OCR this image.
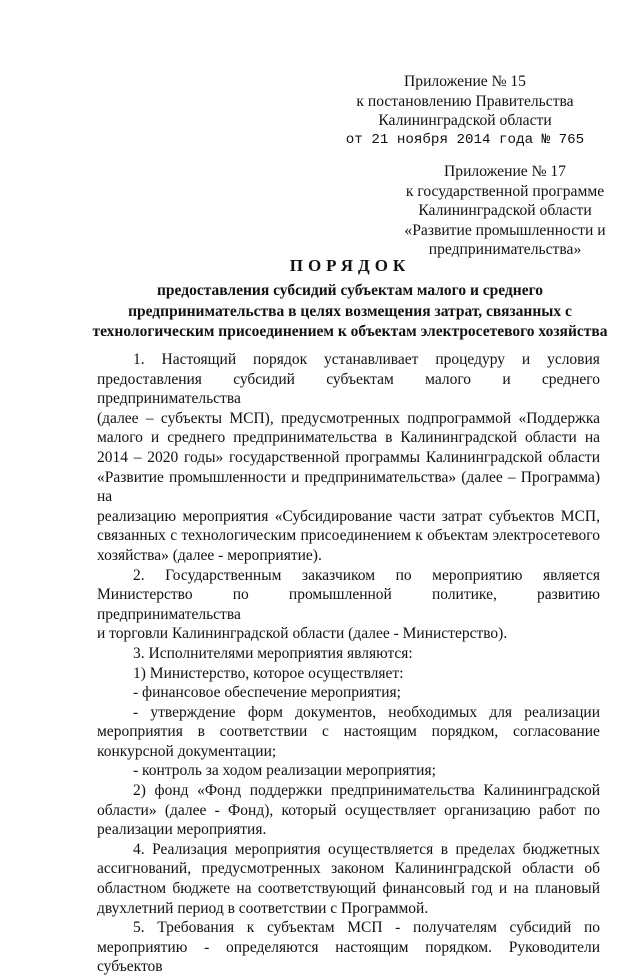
Приложение № 15
к постановлению Правительства
Калининградской области
от 21 ноября 2014 года № 765
Приложение № 17
к государственной программе
Калининградской области
«Развитие промышленности и
предпринимательства»
ПОРЯДОК
предоставления субсидий субъектам малого и среднего
предпринимательства в целях возмещения затрат, связанных с
технологическим присоединением к объектам электросетевого хозяйства
1. Настоящий порядок устанавливает процедуру и условия
предоставления субсидий субъектам малого и среднего предпринимательства
(далее – субъекты МСП), предусмотренных подпрограммой «Поддержка
малого и среднего предпринимательства в Калининградской области на
2014 – 2020 годы» государственной программы Калининградской области
«Развитие промышленности и предпринимательства» (далее – Программа) на
реализацию мероприятия «Субсидирование части затрат субъектов МСП,
связанных с технологическим присоединением к объектам электросетевого
хозяйства» (далее - мероприятие).
2. Государственным заказчиком по мероприятию является
Министерство по промышленной политике, развитию предпринимательства
и торговли Калининградской области (далее - Министерство).
3. Исполнителями мероприятия являются:
1) Министерство, которое осуществляет:
- финансовое обеспечение мероприятия;
- утверждение форм документов, необходимых для реализации
мероприятия в соответствии с настоящим порядком, согласование
конкурсной документации;
- контроль за ходом реализации мероприятия;
2) фонд «Фонд поддержки предпринимательства Калининградской
области» (далее - Фонд), который осуществляет организацию работ по
реализации мероприятия.
4. Реализация мероприятия осуществляется в пределах бюджетных
ассигнований, предусмотренных законом Калининградской области об
областном бюджете на соответствующий финансовый год и на плановый
двухлетний период в соответствии с Программой.
5. Требования к субъектам МСП - получателям субсидий по
мероприятию - определяются настоящим порядком. Руководители субъектов
